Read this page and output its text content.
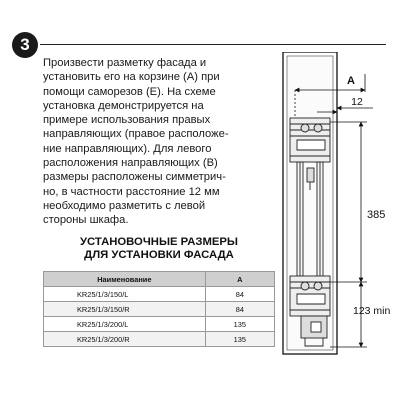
3
Произвести разметку фасада и
установить его на корзине (А) при
помощи саморезов (Е). На схеме
установка демонстрируется на
примере использования правых
направляющих (правое расположе-
ние направляющих). Для левого
расположения направляющих (В)
размеры расположены симметрич-
но, в частности расстояние 12 мм
необходимо разметить с левой
стороны шкафа.
УСТАНОВОЧНЫЕ РАЗМЕРЫ
ДЛЯ УСТАНОВКИ ФАСАДА
Наименование	A
KR25/1/3/150/L	84
KR25/1/3/150/R	84
KR25/1/3/200/L	135
KR25/1/3/200/R	135
A
12
385
123 min
